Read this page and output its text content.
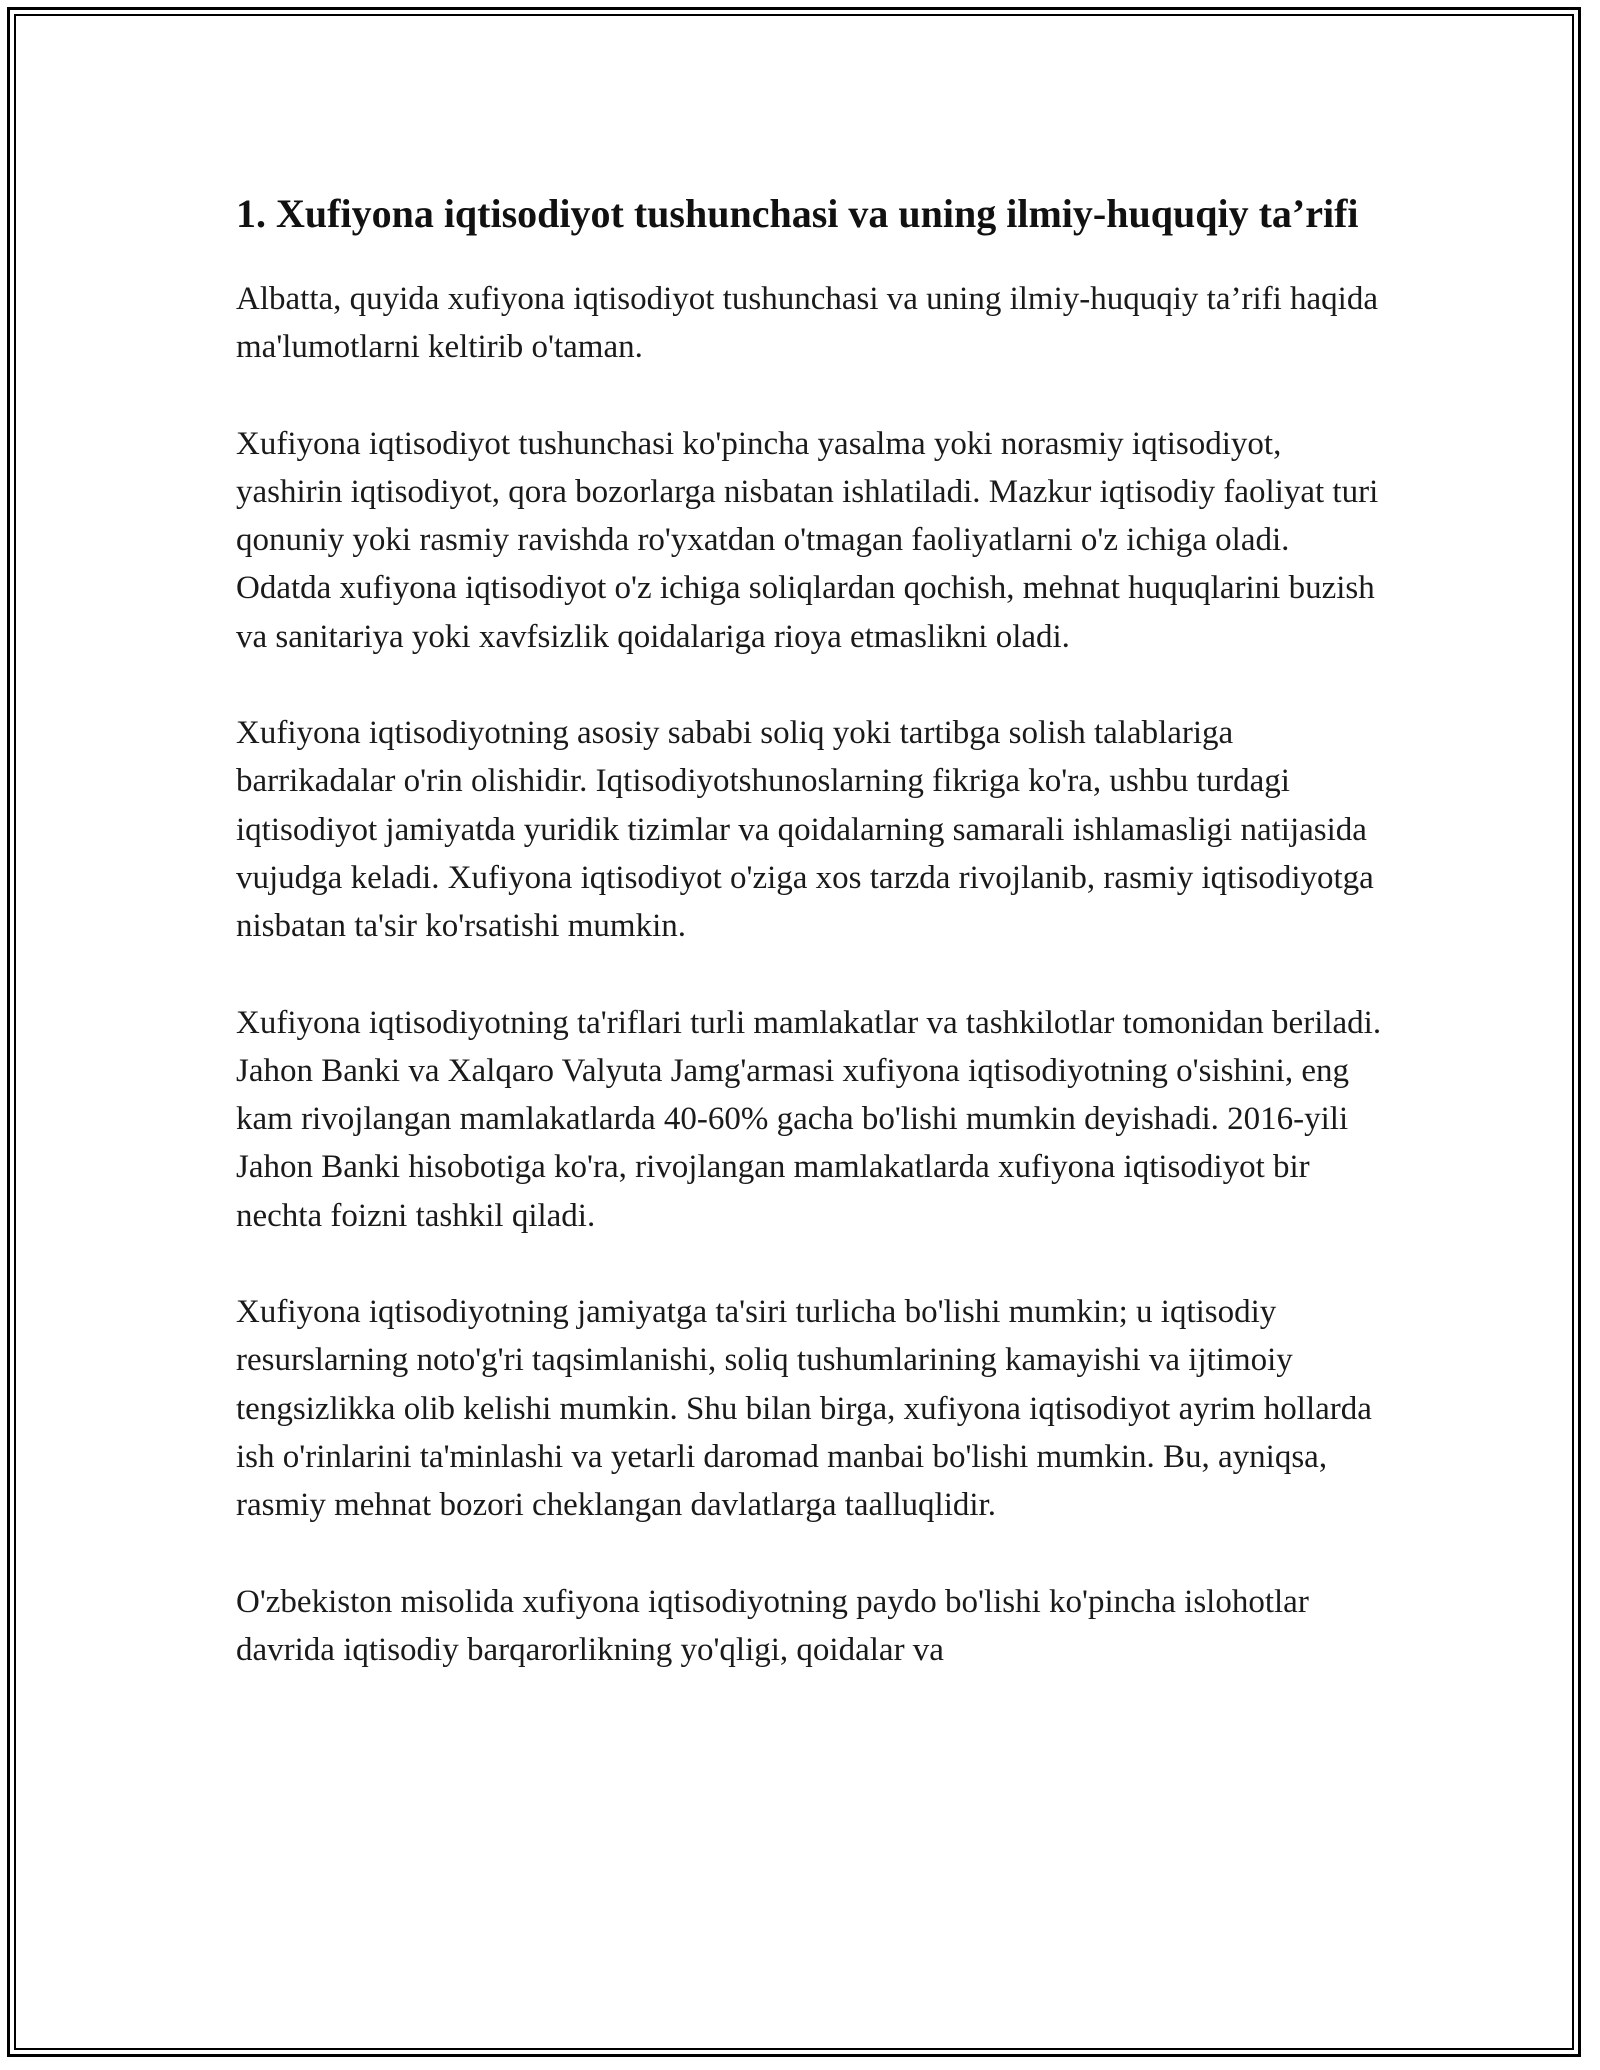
1. Xufiyona iqtisodiyot tushunchasi va uning ilmiy-huquqiy ta’rifi

Albatta, quyida xufiyona iqtisodiyot tushunchasi va uning ilmiy-huquqiy ta’rifi haqida ma'lumotlarni keltirib o'taman.

Xufiyona iqtisodiyot tushunchasi ko'pincha yasalma yoki norasmiy iqtisodiyot, yashirin iqtisodiyot, qora bozorlarga nisbatan ishlatiladi. Mazkur iqtisodiy faoliyat turi qonuniy yoki rasmiy ravishda ro'yxatdan o'tmagan faoliyatlarni o'z ichiga oladi. Odatda xufiyona iqtisodiyot o'z ichiga soliqlardan qochish, mehnat huquqlarini buzish va sanitariya yoki xavfsizlik qoidalariga rioya etmaslikni oladi.

Xufiyona iqtisodiyotning asosiy sababi soliq yoki tartibga solish talablariga barrikadalar o'rin olishidir. Iqtisodiyotshunoslarning fikriga ko'ra, ushbu turdagi iqtisodiyot jamiyatda yuridik tizimlar va qoidalarning samarali ishlamasligi natijasida vujudga keladi. Xufiyona iqtisodiyot o'ziga xos tarzda rivojlanib, rasmiy iqtisodiyotga nisbatan ta'sir ko'rsatishi mumkin.

Xufiyona iqtisodiyotning ta'riflari turli mamlakatlar va tashkilotlar tomonidan beriladi. Jahon Banki va Xalqaro Valyuta Jamg'armasi xufiyona iqtisodiyotning o'sishini, eng kam rivojlangan mamlakatlarda 40-60% gacha bo'lishi mumkin deyishadi. 2016-yili Jahon Banki hisobotiga ko'ra, rivojlangan mamlakatlarda xufiyona iqtisodiyot bir nechta foizni tashkil qiladi.

Xufiyona iqtisodiyotning jamiyatga ta'siri turlicha bo'lishi mumkin; u iqtisodiy resurslarning noto'g'ri taqsimlanishi, soliq tushumlarining kamayishi va ijtimoiy tengsizlikka olib kelishi mumkin. Shu bilan birga, xufiyona iqtisodiyot ayrim hollarda ish o'rinlarini ta'minlashi va yetarli daromad manbai bo'lishi mumkin. Bu, ayniqsa, rasmiy mehnat bozori cheklangan davlatlarga taalluqlidir.

O'zbekiston misolida xufiyona iqtisodiyotning paydo bo'lishi ko'pincha islohotlar davrida iqtisodiy barqarorlikning yo'qligi, qoidalar va
